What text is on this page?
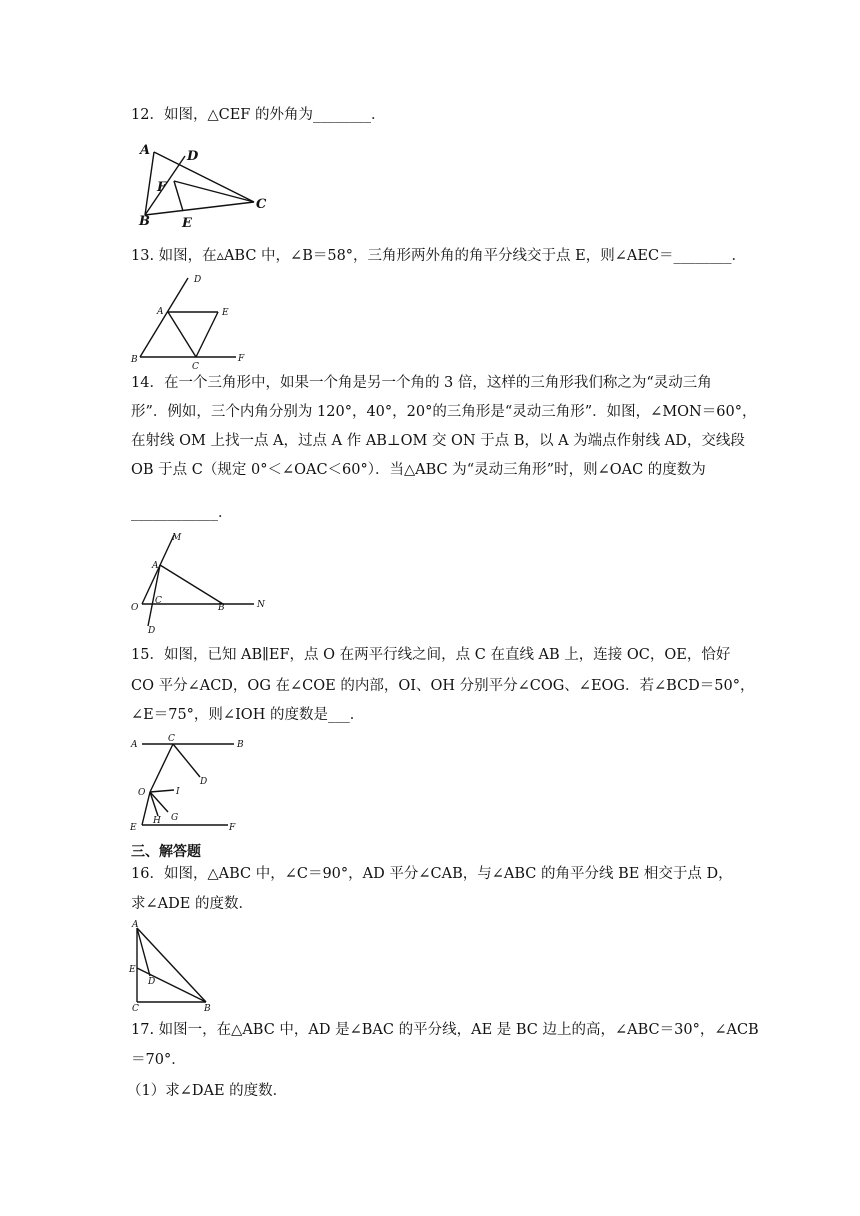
12．如图，△CEF 的外角为________．
A	D
F
B E
C
13. 如图，在▵ABC 中，∠B＝58°，三角形两外角的角平分线交于点 E，则∠AEC＝________．
D
A	E
B
C
F
14．在一个三角形中，如果一个角是另一个角的 3 倍，这样的三角形我们称之为“灵动三角
形”．例如，三个内角分别为 120°，40°，20°的三角形是“灵动三角形”．如图，∠MON＝60°，
在射线 OM 上找一点 A，过点 A 作 AB⊥OM 交 ON 于点 B，以 A 为端点作射线 AD，交线段
OB 于点 C（规定 0°＜∠OAC＜60°）．当△ABC 为“灵动三角形”时，则∠OAC 的度数为
____________．
M
A
C
O	B	N
D
15．如图，已知 AB∥EF，点 O 在两平行线之间，点 C 在直线 AB 上，连接 OC，OE，恰好
CO 平分∠ACD，OG 在∠COE 的内部，OI、OH 分别平分∠COG、∠EOG．若∠BCD＝50°，
∠E＝75°，则∠IOH 的度数是___．
A
C
B
D
O	I
H G
E	F
三、解答题
16．如图，△ABC 中，∠C＝90°，AD 平分∠CAB，与∠ABC 的角平分线 BE 相交于点 D，
求∠ADE 的度数．
A
E
D
C	B
17. 如图一，在△ABC 中，AD 是∠BAC 的平分线，AE 是 BC 边上的高，∠ABC＝30°，∠ACB
＝70°．
（1）求∠DAE 的度数．
